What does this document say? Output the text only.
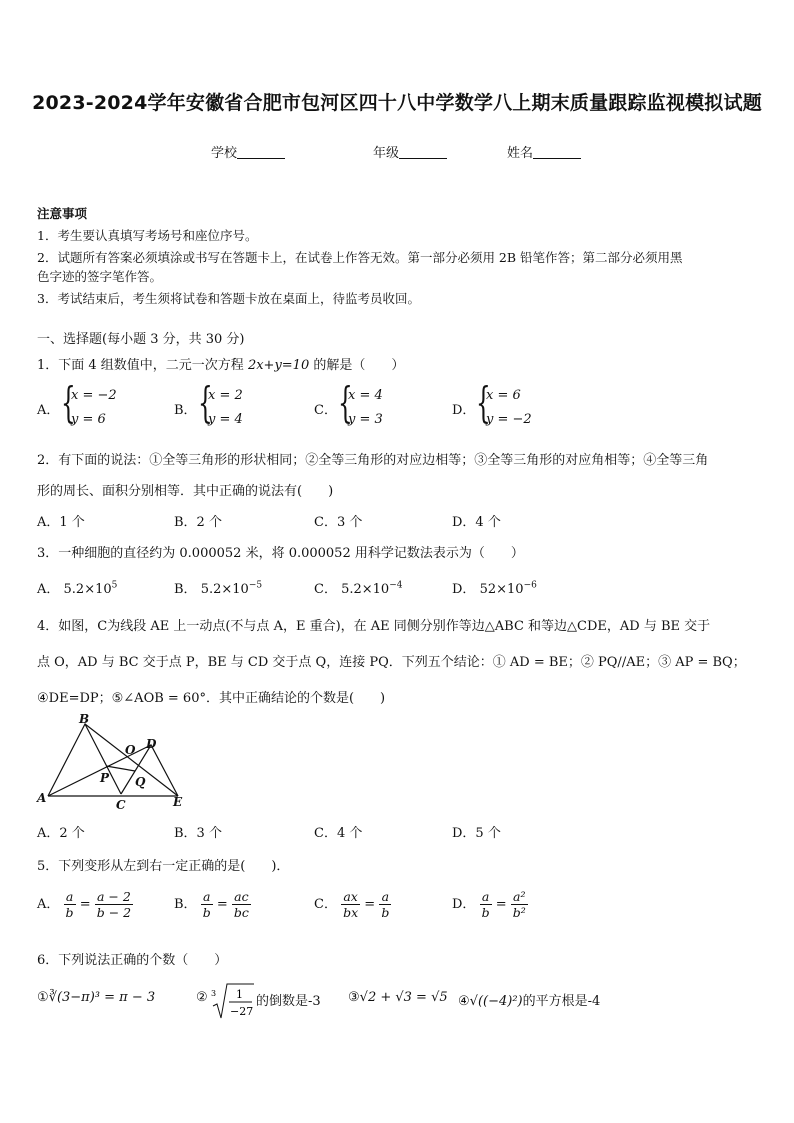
2023-2024学年安徽省合肥市包河区四十八中学数学八上期末质量跟踪监视模拟试题
学校	年级	姓名
注意事项
1．考生要认真填写考场号和座位序号。
2．试题所有答案必须填涂或书写在答题卡上，在试卷上作答无效。第一部分必须用 2B 铅笔作答；第二部分必须用黑
色字迹的签字笔作答。
3．考试结束后，考生须将试卷和答题卡放在桌面上，待监考员收回。
一、选择题(每小题 3 分，共 30 分)
1．下面 4 组数值中，二元一次方程 2x+y=10 的解是（　　）
A． {
x = −2
y = 6
B． {
x = 2
y = 4
C． {
x = 4
y = 3
D． {
x = 6
y = −2
2．有下面的说法：①全等三角形的形状相同；②全等三角形的对应边相等；③全等三角形的对应角相等；④全等三角
形的周长、面积分别相等．其中正确的说法有(　　)
A．1 个	B．2 个	C．3 个	D．4 个
3．一种细胞的直径约为 0.000052 米，将 0.000052 用科学记数法表示为（　　）
A． $5.2\times 10^5$	B． $5.2\times 10^{-5}$	C． $5.2\times 10^{-4}$	D． $52\times 10^{-6}$
4．如图，C为线段 AE 上一动点(不与点 A，E 重合)，在 AE 同侧分别作等边△ABC 和等边△CDE，AD 与 BE 交于
点 O，AD 与 BC 交于点 P，BE 与 CD 交于点 Q，连接 PQ．下列五个结论：① AD = BE；② PQ//AE；③ AP = BQ；
④DE=DP；⑤∠AOB = 60°．其中正确结论的个数是(　　)
B
O D
P Q
A	C	E
A．2 个	B．3 个	C．4 个	D．5 个
5．下列变形从左到右一定正确的是(　　)．
A． $\frac{a}{b} = \frac{a - 2}{b - 2}$	B． $\frac{a}{b} = \frac{ac}{bc}$	C． $\frac{ax}{bx} = \frac{a}{b}$	D． $\frac{a}{b} = \frac{\text{a²}}{\text{b²}}$
6．下列说法正确的个数（　　）
①∛(3−π)³ = π − 3	② 3 1
−27
的倒数是-3 ③√2 + √3 = √5 ④√((−4)²)的平方根是-4
